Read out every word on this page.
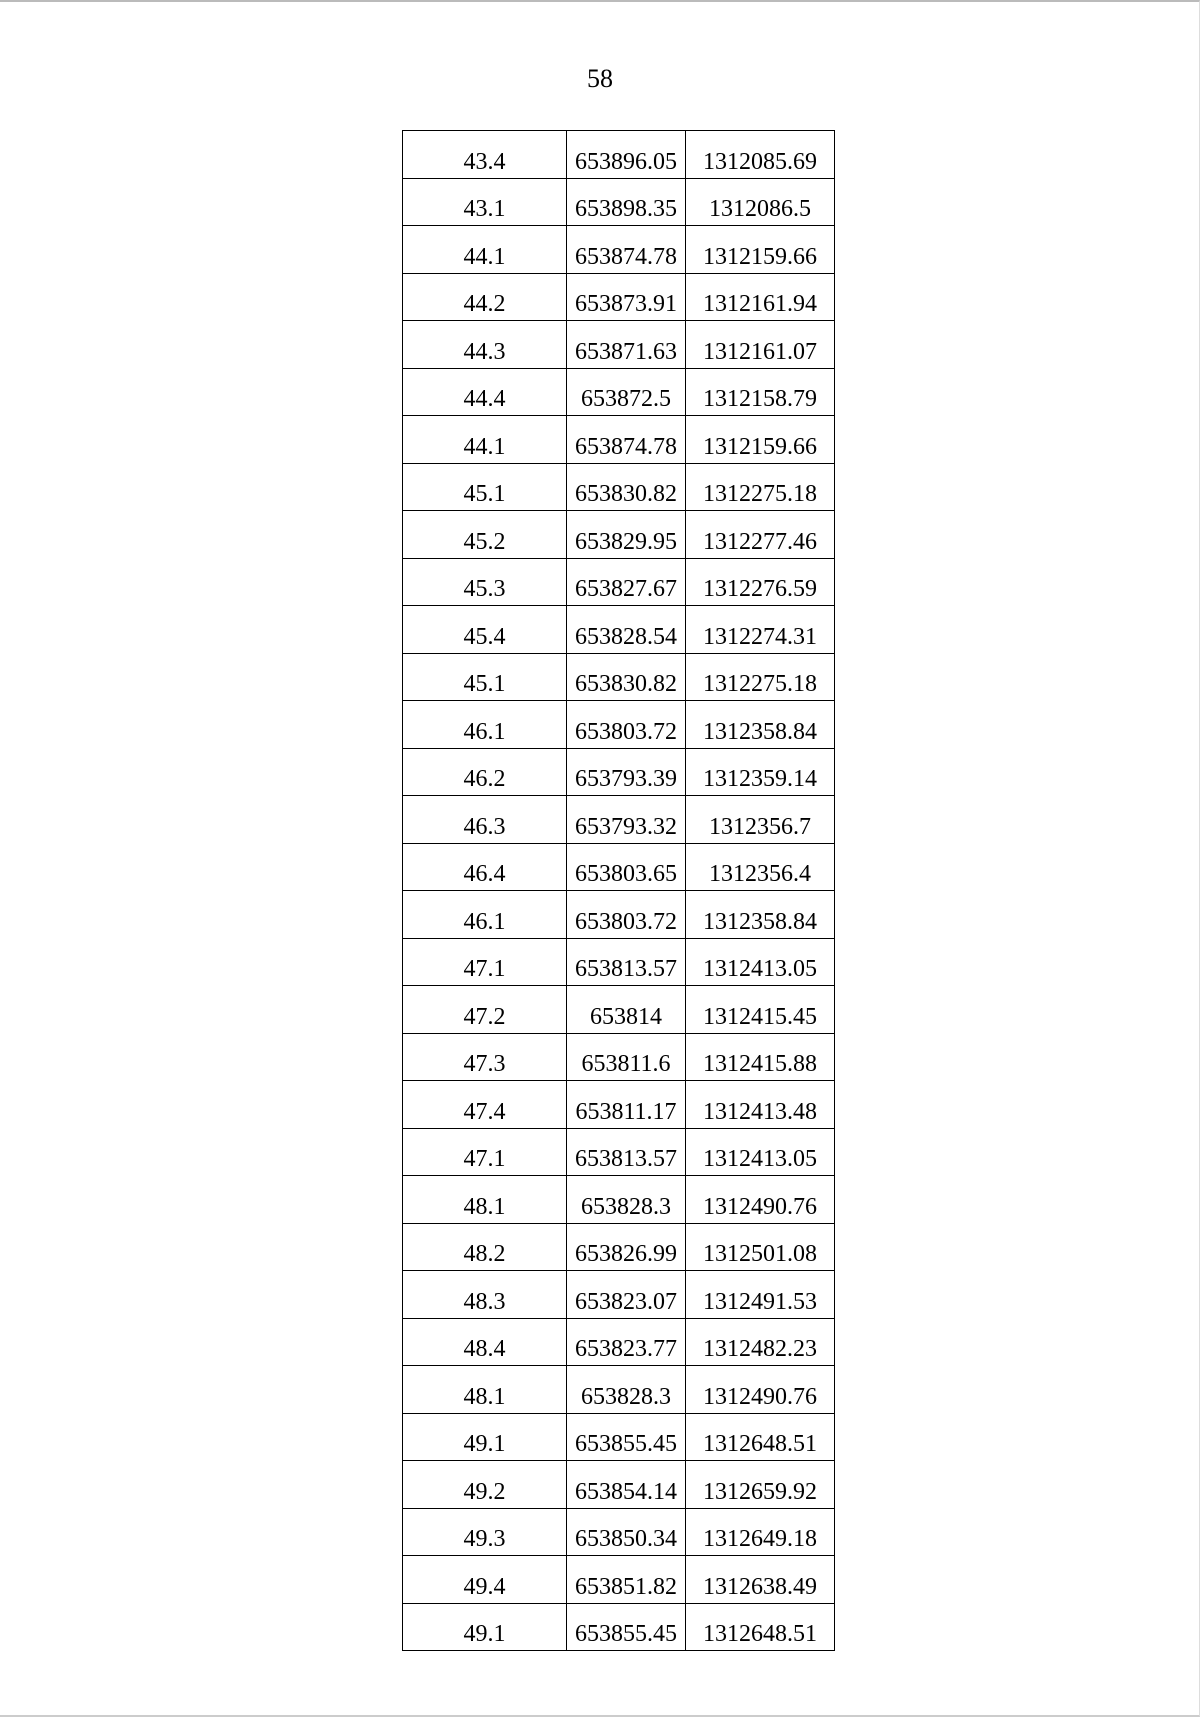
58
43.4	653896.05	1312085.69
43.1	653898.35	1312086.5
44.1	653874.78	1312159.66
44.2	653873.91	1312161.94
44.3	653871.63	1312161.07
44.4	653872.5	1312158.79
44.1	653874.78	1312159.66
45.1	653830.82	1312275.18
45.2	653829.95	1312277.46
45.3	653827.67	1312276.59
45.4	653828.54	1312274.31
45.1	653830.82	1312275.18
46.1	653803.72	1312358.84
46.2	653793.39	1312359.14
46.3	653793.32	1312356.7
46.4	653803.65	1312356.4
46.1	653803.72	1312358.84
47.1	653813.57	1312413.05
47.2	653814	1312415.45
47.3	653811.6	1312415.88
47.4	653811.17	1312413.48
47.1	653813.57	1312413.05
48.1	653828.3	1312490.76
48.2	653826.99	1312501.08
48.3	653823.07	1312491.53
48.4	653823.77	1312482.23
48.1	653828.3	1312490.76
49.1	653855.45	1312648.51
49.2	653854.14	1312659.92
49.3	653850.34	1312649.18
49.4	653851.82	1312638.49
49.1	653855.45	1312648.51
